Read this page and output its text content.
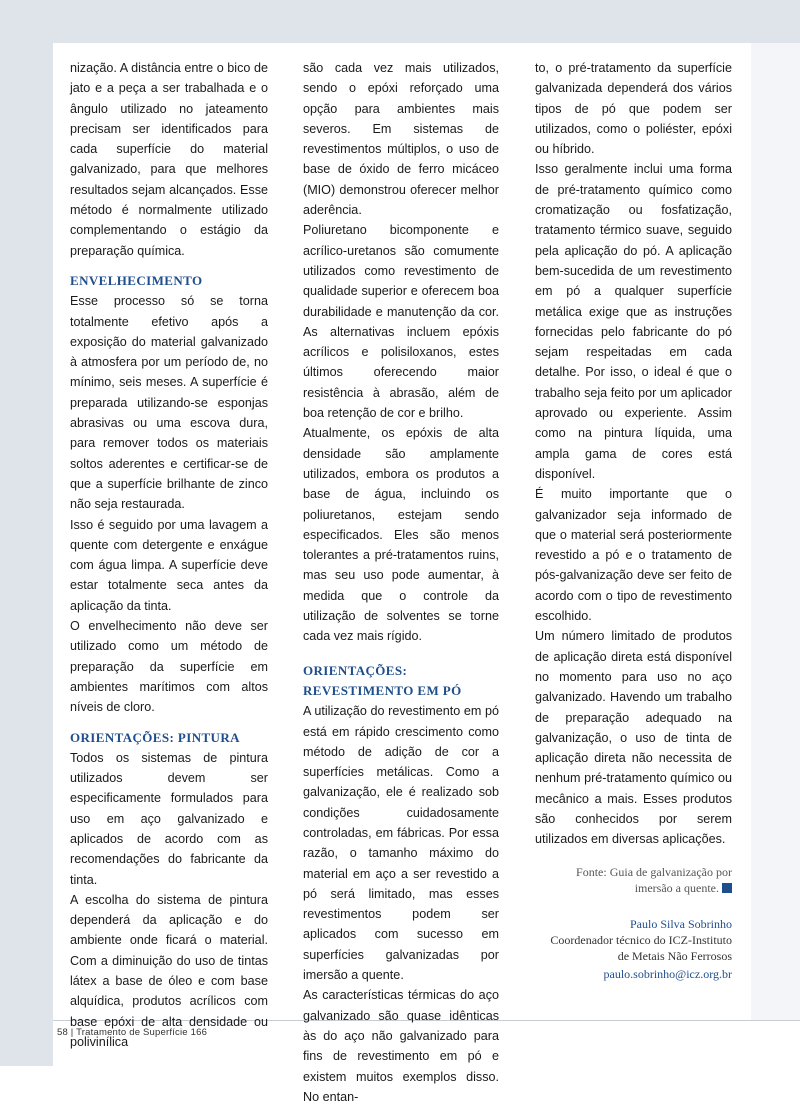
nização. A distância entre o bico de jato e a peça a ser trabalhada e o ângulo utilizado no jateamento precisam ser identificados para cada superfície do material galvanizado, para que melhores resultados sejam alcançados. Esse método é normalmente utilizado complementando o estágio da preparação química.

ENVELHECIMENTO

Esse processo só se torna totalmente efetivo após a exposição do material galvanizado à atmosfera por um período de, no mínimo, seis meses. A superfície é preparada utilizando-se esponjas abrasivas ou uma escova dura, para remover todos os materiais soltos aderentes e certificar-se de que a superfície brilhante de zinco não seja restaurada.

Isso é seguido por uma lavagem a quente com detergente e enxágue com água limpa. A superfície deve estar totalmente seca antes da aplicação da tinta.

O envelhecimento não deve ser utilizado como um método de preparação da superfície em ambientes marítimos com altos níveis de cloro.

ORIENTAÇÕES: PINTURA

Todos os sistemas de pintura utilizados devem ser especificamente formulados para uso em aço galvanizado e aplicados de acordo com as recomendações do fabricante da tinta.

A escolha do sistema de pintura dependerá da aplicação e do ambiente onde ficará o material. Com a diminuição do uso de tintas látex a base de óleo e com base alquídica, produtos acrílicos com base epóxi de alta densidade ou polivinílica

são cada vez mais utilizados, sendo o epóxi reforçado uma opção para ambientes mais severos. Em sistemas de revestimentos múltiplos, o uso de base de óxido de ferro micáceo (MIO) demonstrou oferecer melhor aderência.

Poliuretano bicomponente e acrílico-uretanos são comumente utilizados como revestimento de qualidade superior e oferecem boa durabilidade e manutenção da cor. As alternativas incluem epóxis acrílicos e polisiloxanos, estes últimos oferecendo maior resistência à abrasão, além de boa retenção de cor e brilho.

Atualmente, os epóxis de alta densidade são amplamente utilizados, embora os produtos a base de água, incluindo os poliuretanos, estejam sendo especificados. Eles são menos tolerantes a pré-tratamentos ruins, mas seu uso pode aumentar, à medida que o controle da utilização de solventes se torne cada vez mais rígido.

ORIENTAÇÕES:
REVESTIMENTO EM PÓ

A utilização do revestimento em pó está em rápido crescimento como método de adição de cor a superfícies metálicas. Como a galvanização, ele é realizado sob condições cuidadosamente controladas, em fábricas. Por essa razão, o tamanho máximo do material em aço a ser revestido a pó será limitado, mas esses revestimentos podem ser aplicados com sucesso em superfícies galvanizadas por imersão a quente.

As características térmicas do aço galvanizado são quase idênticas às do aço não galvanizado para fins de revestimento em pó e existem muitos exemplos disso. No entan-

to, o pré-tratamento da superfície galvanizada dependerá dos vários tipos de pó que podem ser utilizados, como o poliéster, epóxi ou híbrido.

Isso geralmente inclui uma forma de pré-tratamento químico como cromatização ou fosfatização, tratamento térmico suave, seguido pela aplicação do pó. A aplicação bem-sucedida de um revestimento em pó a qualquer superfície metálica exige que as instruções fornecidas pelo fabricante do pó sejam respeitadas em cada detalhe. Por isso, o ideal é que o trabalho seja feito por um aplicador aprovado ou experiente. Assim como na pintura líquida, uma ampla gama de cores está disponível.

É muito importante que o galvanizador seja informado de que o material será posteriormente revestido a pó e o tratamento de pós-galvanização deve ser feito de acordo com o tipo de revestimento escolhido.

Um número limitado de produtos de aplicação direta está disponível no momento para uso no aço galvanizado. Havendo um trabalho de preparação adequado na galvanização, o uso de tinta de aplicação direta não necessita de nenhum pré-tratamento químico ou mecânico a mais. Esses produtos são conhecidos por serem utilizados em diversas aplicações.

Fonte: Guia de galvanização por
imersão a quente.
Paulo Silva Sobrinho
Coordenador técnico do ICZ-Instituto
de Metais Não Ferrosos
paulo.sobrinho@icz.org.br
58 | Tratamento de Superfície 166
